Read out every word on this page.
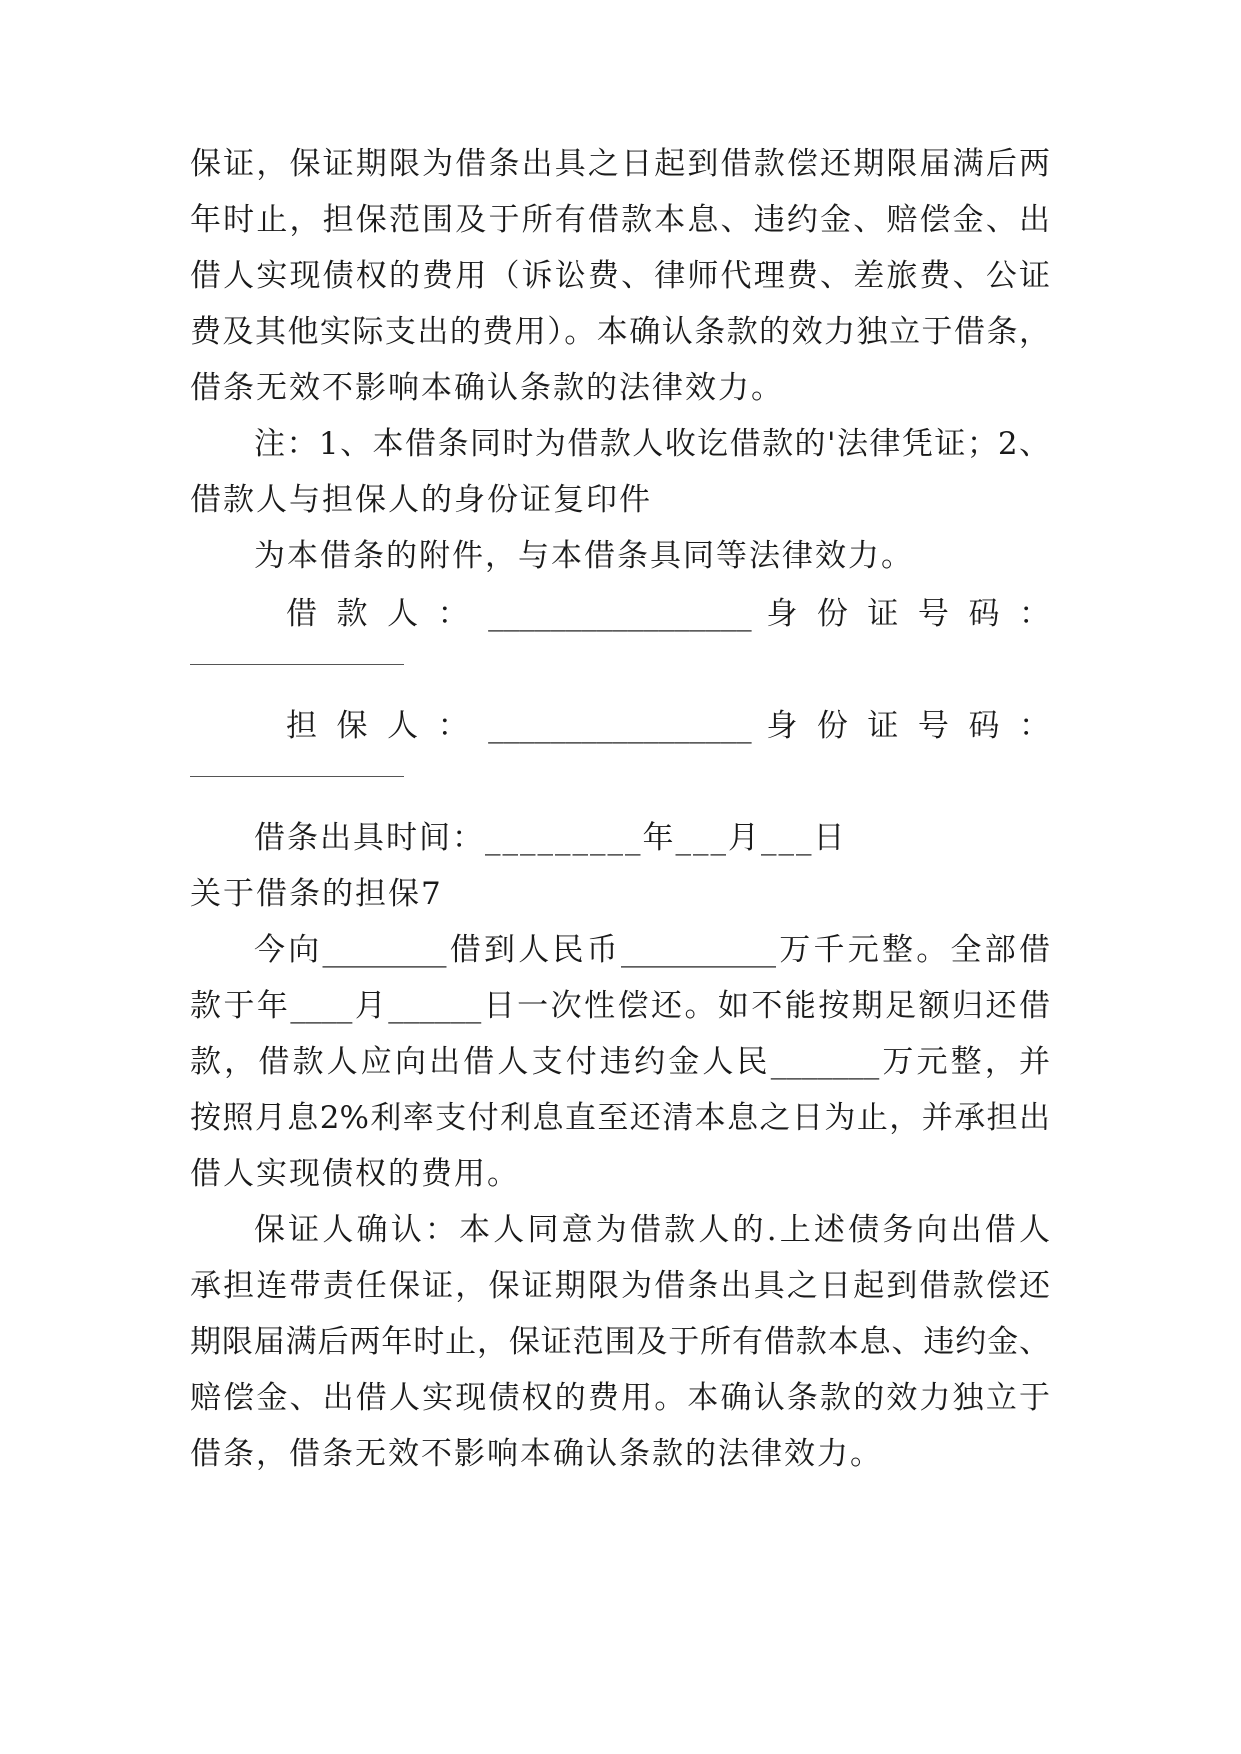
保证，保证期限为借条出具之日起到借款偿还期限届满后两
年时止，担保范围及于所有借款本息、违约金、赔偿金、出
借人实现债权的费用（诉讼费、律师代理费、差旅费、公证
费及其他实际支出的费用）。本确认条款的效力独立于借条，
借条无效不影响本确认条款的法律效力。
注：1、本借条同时为借款人收讫借款的'法律凭证；2、
借款人与担保人的身份证复印件
为本借条的附件，与本借条具同等法律效力。
借 款 人 ： _________________ 身 份 证 号 码 ：
担 保 人 ： _________________ 身 份 证 号 码 ：
借条出具时间：_________年___月___日
关于借条的担保7
今向________借到人民币__________万千元整。全部借
款于年____月______日一次性偿还。如不能按期足额归还借
款，借款人应向出借人支付违约金人民_______万元整，并
按照月息2%利率支付利息直至还清本息之日为止，并承担出
借人实现债权的费用。
保证人确认：本人同意为借款人的.上述债务向出借人
承担连带责任保证，保证期限为借条出具之日起到借款偿还
期限届满后两年时止，保证范围及于所有借款本息、违约金、
赔偿金、出借人实现债权的费用。本确认条款的效力独立于
借条，借条无效不影响本确认条款的法律效力。
